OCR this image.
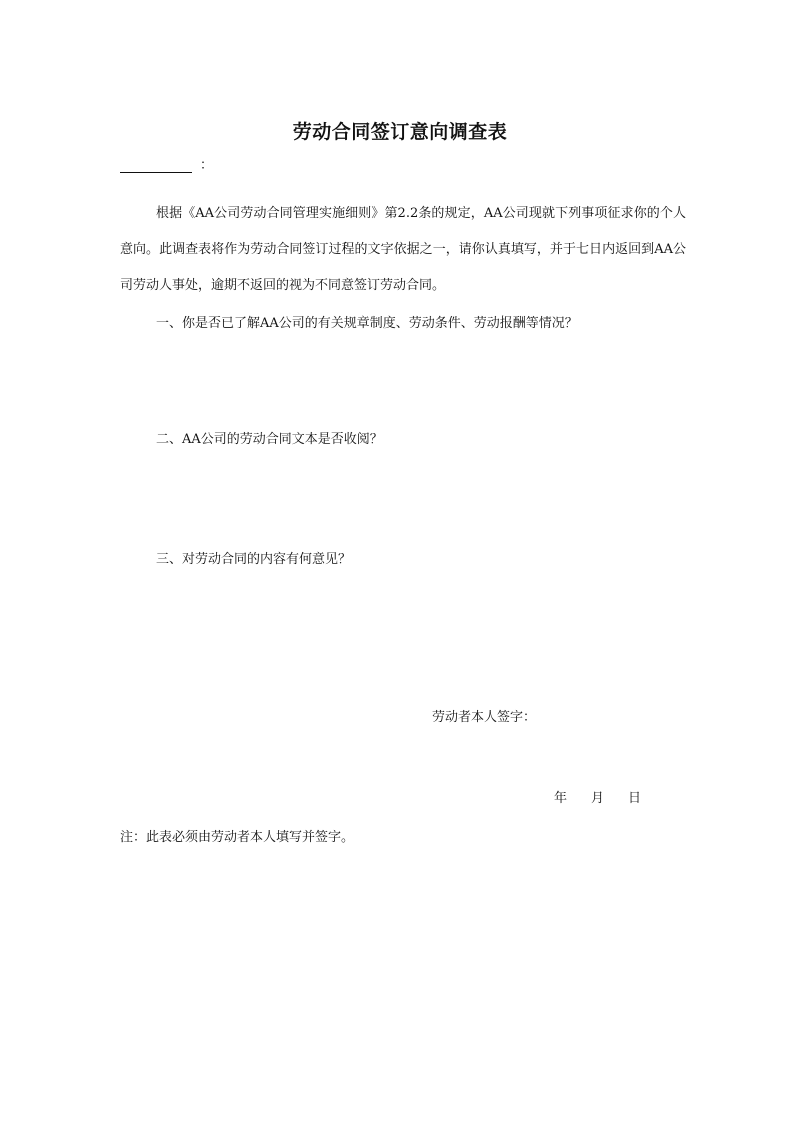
劳动合同签订意向调查表
：

根据《AA公司劳动合同管理实施细则》第2.2条的规定，AA公司现就下列事项征求你的个人意向。此调查表将作为劳动合同签订过程的文字依据之一，请你认真填写，并于七日内返回到AA公司劳动人事处，逾期不返回的视为不同意签订劳动合同。

一、你是否已了解AA公司的有关规章制度、劳动条件、劳动报酬等情况？

二、AA公司的劳动合同文本是否收阅？

三、对劳动合同的内容有何意见？

劳动者本人签字：

年 月 日

注：此表必须由劳动者本人填写并签字。
